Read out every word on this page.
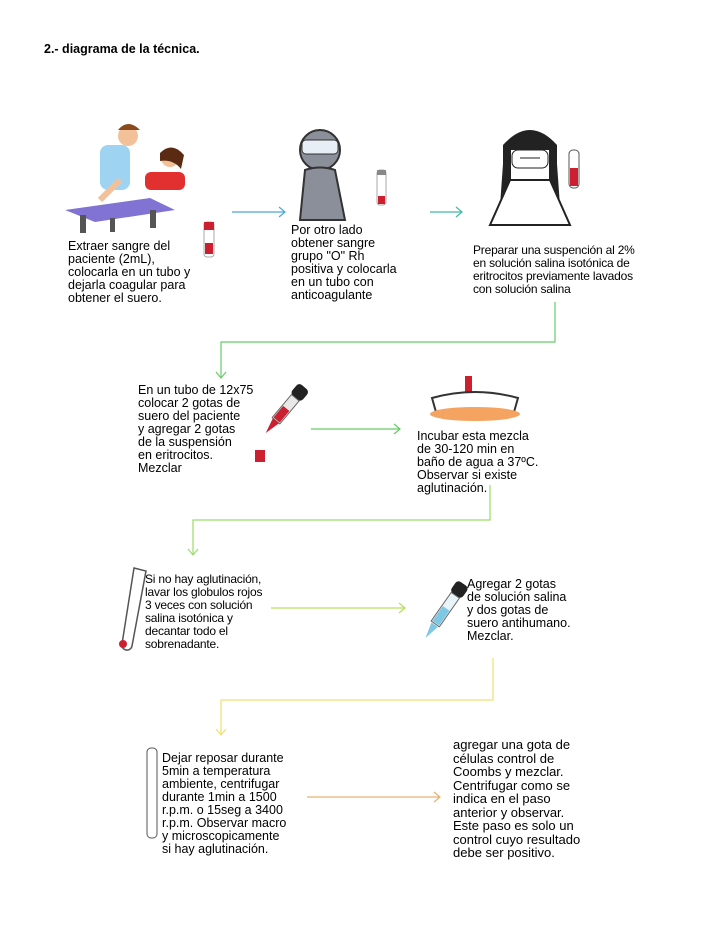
2.- diagrama de la técnica.
Extraer sangre del
paciente (2mL),
colocarla en un tubo y
dejarla coagular para
obtener el suero.
Por otro lado
obtener sangre
grupo "O" Rh
positiva y colocarla
en un tubo con
anticoagulante
Preparar una suspención al 2%
en solución salina isotónica de
eritrocitos previamente lavados
con solución salina
En un tubo de 12x75
colocar 2 gotas de
suero del paciente
y agregar 2 gotas
de la suspensión
en eritrocitos.
Mezclar
Incubar esta mezcla
de 30-120 min en
baño de agua a 37ºC.
Observar si existe
aglutinación.
Si no hay aglutinación,
lavar los globulos rojos
3 veces con solución
salina isotónica y
decantar todo el
sobrenadante.
Agregar 2 gotas
de solución salina
y dos gotas de
suero antihumano.
Mezclar.
Dejar reposar durante
5min a temperatura
ambiente, centrifugar
durante 1min a 1500
r.p.m. o 15seg a 3400
r.p.m. Observar macro
y microscopicamente
si hay aglutinación.
agregar una gota de
células control de
Coombs y mezclar.
Centrifugar como se
indica en el paso
anterior y observar.
Este paso es solo un
control cuyo resultado
debe ser positivo.
